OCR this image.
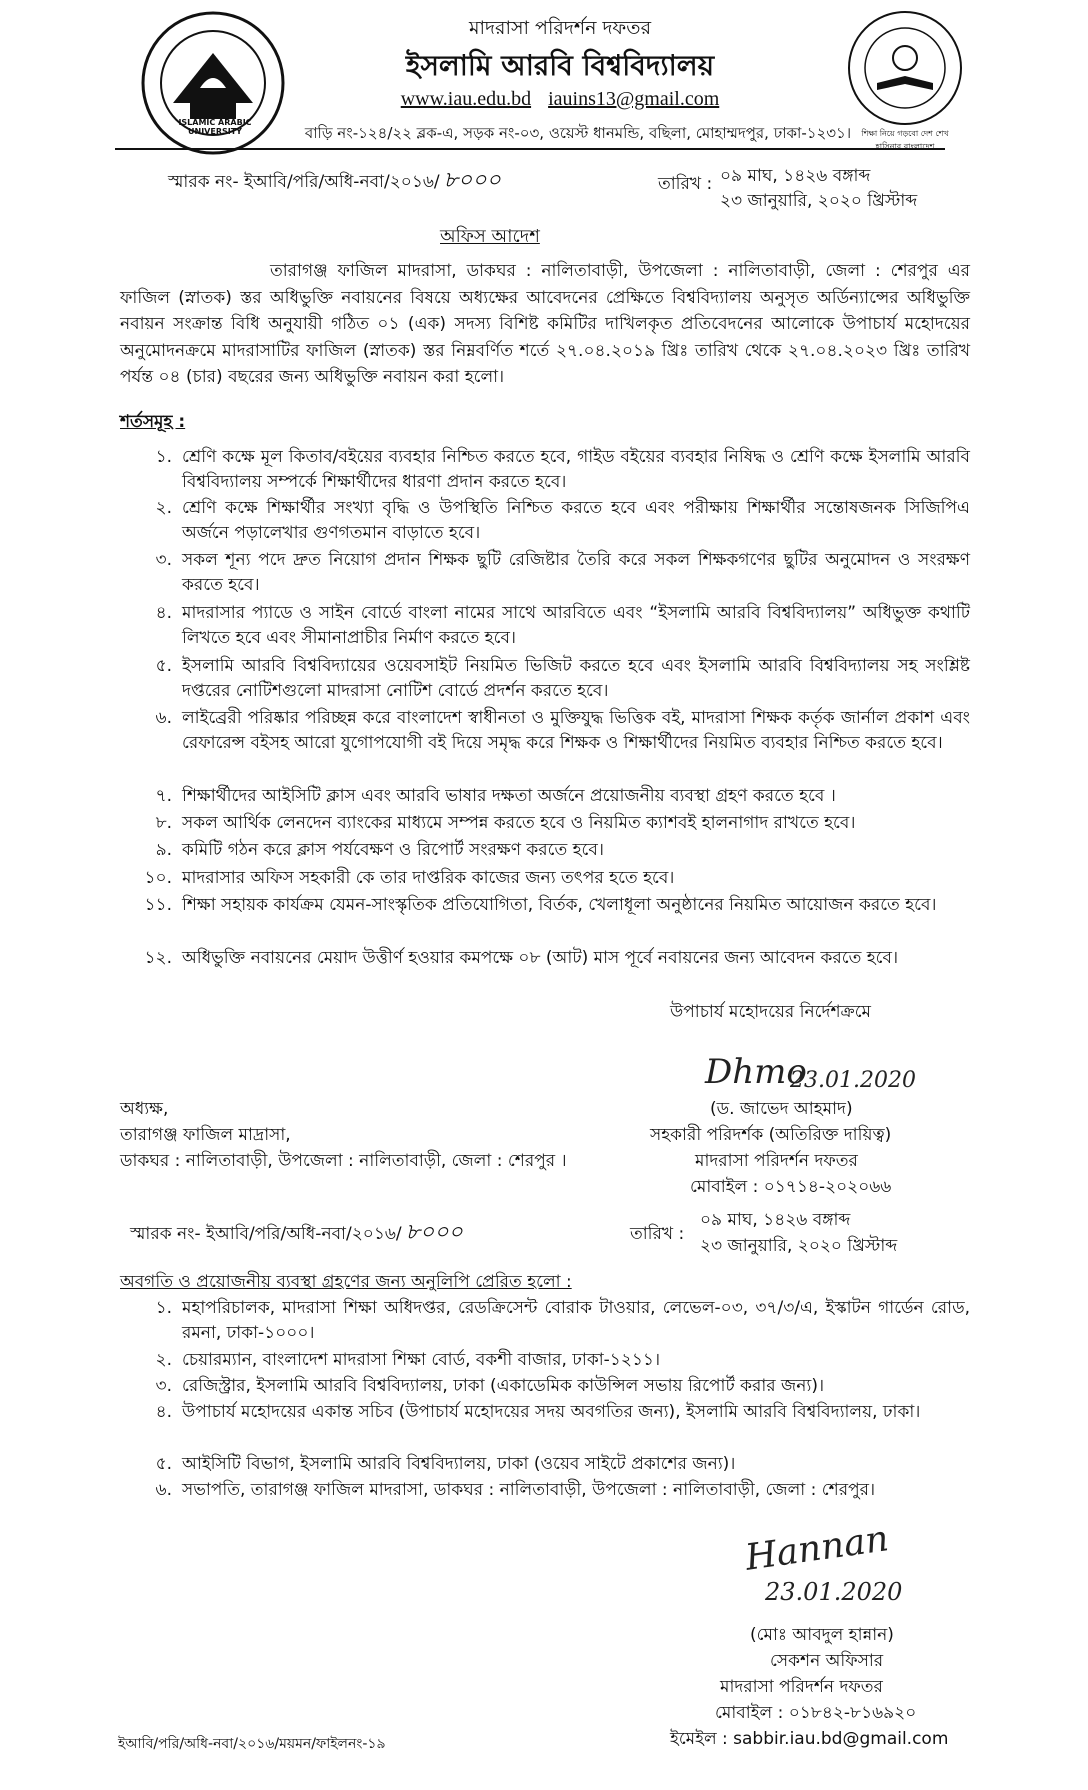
ISLAMIC ARABIC UNIVERSITY	শিক্ষা নিয়ে গড়বো দেশ শেখ হাসিনার বাংলাদেশ
মাদরাসা পরিদর্শন দফতর
ইসলামি আরবি বিশ্ববিদ্যালয়
www.iau.edu.bd iauins13@gmail.com
বাড়ি নং-১২৪/২২ ব্লক-এ, সড়ক নং-০৩, ওয়েস্ট ধানমন্ডি, বছিলা, মোহাম্মদপুর, ঢাকা-১২৩১।
স্মারক নং- ইআবি/পরি/অধি-নবা/২০১৬/ ৮০০০	তারিখ : ০৯ মাঘ, ১৪২৬ বঙ্গাব্দ
২৩ জানুয়ারি, ২০২০ খ্রিস্টাব্দ
অফিস আদেশ
তারাগঞ্জ ফাজিল মাদরাসা, ডাকঘর : নালিতাবাড়ী, উপজেলা : নালিতাবাড়ী, জেলা : শেরপুর এর ফাজিল (স্নাতক) স্তর অধিভুক্তি নবায়নের বিষয়ে অধ্যক্ষের আবেদনের প্রেক্ষিতে বিশ্ববিদ্যালয় অনুসৃত অর্ডিন্যান্সের অধিভুক্তি নবায়ন সংক্রান্ত বিধি অনুযায়ী গঠিত ০১ (এক) সদস্য বিশিষ্ট কমিটির দাখিলকৃত প্রতিবেদনের আলোকে উপাচার্য মহোদয়ের অনুমোদনক্রমে মাদরাসাটির ফাজিল (স্নাতক) স্তর নিম্নবর্ণিত শর্তে ২৭.০৪.২০১৯ খ্রিঃ তারিখ থেকে ২৭.০৪.২০২৩ খ্রিঃ তারিখ পর্যন্ত ০৪ (চার) বছরের জন্য অধিভুক্তি নবায়ন করা হলো।
শর্তসমূহ :
১. শ্রেণি কক্ষে মূল কিতাব/বইয়ের ব্যবহার নিশ্চিত করতে হবে, গাইড বইয়ের ব্যবহার নিষিদ্ধ ও শ্রেণি কক্ষে ইসলামি আরবি বিশ্ববিদ্যালয় সম্পর্কে শিক্ষার্থীদের ধারণা প্রদান করতে হবে।
২. শ্রেণি কক্ষে শিক্ষার্থীর সংখ্যা বৃদ্ধি ও উপস্থিতি নিশ্চিত করতে হবে এবং পরীক্ষায় শিক্ষার্থীর সন্তোষজনক সিজিপিএ অর্জনে পড়ালেখার গুণগতমান বাড়াতে হবে।
৩. সকল শূন্য পদে দ্রুত নিয়োগ প্রদান শিক্ষক ছুটি রেজিষ্টার তৈরি করে সকল শিক্ষকগণের ছুটির অনুমোদন ও সংরক্ষণ করতে হবে।
৪. মাদরাসার প্যাডে ও সাইন বোর্ডে বাংলা নামের সাথে আরবিতে এবং “ইসলামি আরবি বিশ্ববিদ্যালয়” অধিভুক্ত কথাটি লিখতে হবে এবং সীমানাপ্রাচীর নির্মাণ করতে হবে।
৫. ইসলামি আরবি বিশ্ববিদ্যায়ের ওয়েবসাইট নিয়মিত ভিজিট করতে হবে এবং ইসলামি আরবি বিশ্ববিদ্যালয় সহ সংশ্লিষ্ট দপ্তরের নোটিশগুলো মাদরাসা নোটিশ বোর্ডে প্রদর্শন করতে হবে।
৬. লাইব্রেরী পরিষ্কার পরিচ্ছন্ন করে বাংলাদেশ স্বাধীনতা ও মুক্তিযুদ্ধ ভিত্তিক বই, মাদরাসা শিক্ষক কর্তৃক জার্নাল প্রকাশ এবং রেফারেন্স বইসহ আরো যুগোপযোগী বই দিয়ে সমৃদ্ধ করে শিক্ষক ও শিক্ষার্থীদের নিয়মিত ব্যবহার নিশ্চিত করতে হবে।
৭. শিক্ষার্থীদের আইসিটি ক্লাস এবং আরবি ভাষার দক্ষতা অর্জনে প্রয়োজনীয় ব্যবস্থা গ্রহণ করতে হবে ।
৮. সকল আর্থিক লেনদেন ব্যাংকের মাধ্যমে সম্পন্ন করতে হবে ও নিয়মিত ক্যাশবই হালনাগাদ রাখতে হবে।
৯. কমিটি গঠন করে ক্লাস পর্যবেক্ষণ ও রিপোর্ট সংরক্ষণ করতে হবে।
১০. মাদরাসার অফিস সহকারী কে তার দাপ্তরিক কাজের জন্য তৎপর হতে হবে।
১১. শিক্ষা সহায়ক কার্যক্রম যেমন-সাংস্কৃতিক প্রতিযোগিতা, বির্তক, খেলাধূলা অনুষ্ঠানের নিয়মিত আয়োজন করতে হবে।
১২. অধিভুক্তি নবায়নের মেয়াদ উত্তীর্ণ হওয়ার কমপক্ষে ০৮ (আট) মাস পূর্বে নবায়নের জন্য আবেদন করতে হবে।
উপাচার্য মহোদয়ের নির্দেশক্রমে
Dhmo
23.01.2020
(ড. জাভেদ আহমাদ)
সহকারী পরিদর্শক (অতিরিক্ত দায়িত্ব)
মাদরাসা পরিদর্শন দফতর
মোবাইল : ০১৭১৪-২০২০৬৬
অধ্যক্ষ,
তারাগঞ্জ ফাজিল মাদ্রাসা,
ডাকঘর : নালিতাবাড়ী, উপজেলা : নালিতাবাড়ী, জেলা : শেরপুর ।
স্মারক নং- ইআবি/পরি/অধি-নবা/২০১৬/ ৮০০০	তারিখ :
০৯ মাঘ, ১৪২৬ বঙ্গাব্দ
২৩ জানুয়ারি, ২০২০ খ্রিস্টাব্দ
অবগতি ও প্রয়োজনীয় ব্যবস্থা গ্রহণের জন্য অনুলিপি প্রেরিত হলো :
১. মহাপরিচালক, মাদরাসা শিক্ষা অধিদপ্তর, রেডক্রিসেন্ট বোরাক টাওয়ার, লেভেল-০৩, ৩৭/৩/এ, ইস্কাটন গার্ডেন রোড, রমনা, ঢাকা-১০০০।
২. চেয়ারম্যান, বাংলাদেশ মাদরাসা শিক্ষা বোর্ড, বকশী বাজার, ঢাকা-১২১১।
৩. রেজিস্ট্রার, ইসলামি আরবি বিশ্ববিদ্যালয়, ঢাকা (একাডেমিক কাউন্সিল সভায় রিপোর্ট করার জন্য)।
৪. উপাচার্য মহোদয়ের একান্ত সচিব (উপাচার্য মহোদয়ের সদয় অবগতির জন্য), ইসলামি আরবি বিশ্ববিদ্যালয়, ঢাকা।
৫. আইসিটি বিভাগ, ইসলামি আরবি বিশ্ববিদ্যালয়, ঢাকা (ওয়েব সাইটে প্রকাশের জন্য)।
৬. সভাপতি, তারাগঞ্জ ফাজিল মাদরাসা, ডাকঘর : নালিতাবাড়ী, উপজেলা : নালিতাবাড়ী, জেলা : শেরপুর।
Hannan
23.01.2020
(মোঃ আবদুল হান্নান)
সেকশন অফিসার
মাদরাসা পরিদর্শন দফতর
মোবাইল : ০১৮৪২-৮১৬৯২০
ইমেইল : sabbir.iau.bd@gmail.com
ইআবি/পরি/অধি-নবা/২০১৬/ময়মন/ফাইলনং-১৯
